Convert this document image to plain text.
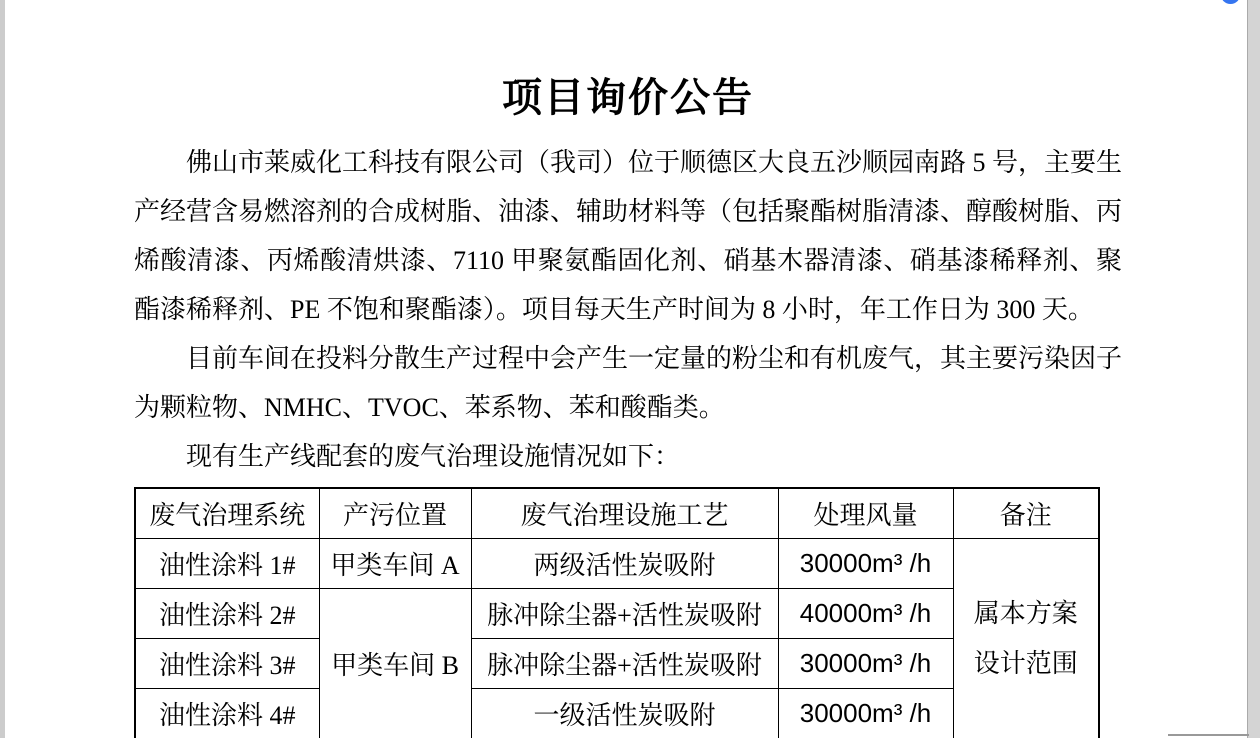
项目询价公告

佛山市莱威化工科技有限公司（我司）位于顺德区大良五沙顺园南路 5 号，主要生产经营含易燃溶剂的合成树脂、油漆、辅助材料等（包括聚酯树脂清漆、醇酸树脂、丙烯酸清漆、丙烯酸清烘漆、7110 甲聚氨酯固化剂、硝基木器清漆、硝基漆稀释剂、聚酯漆稀释剂、PE 不饱和聚酯漆）。项目每天生产时间为 8 小时，年工作日为 300 天。

目前车间在投料分散生产过程中会产生一定量的粉尘和有机废气，其主要污染因子为颗粒物、NMHC、TVOC、苯系物、苯和酸酯类。

现有生产线配套的废气治理设施情况如下：

废气治理系统	产污位置	废气治理设施工艺	处理风量	备注
油性涂料 1#	甲类车间 A	两级活性炭吸附	30000m³ /h	属本方案
设计范围

油性涂料 2#	甲类车间 B	脉冲除尘器+活性炭吸附	40000m³ /h	
油性涂料 3#		脉冲除尘器+活性炭吸附	30000m³ /h	
油性涂料 4#		一级活性炭吸附	30000m³ /h	
